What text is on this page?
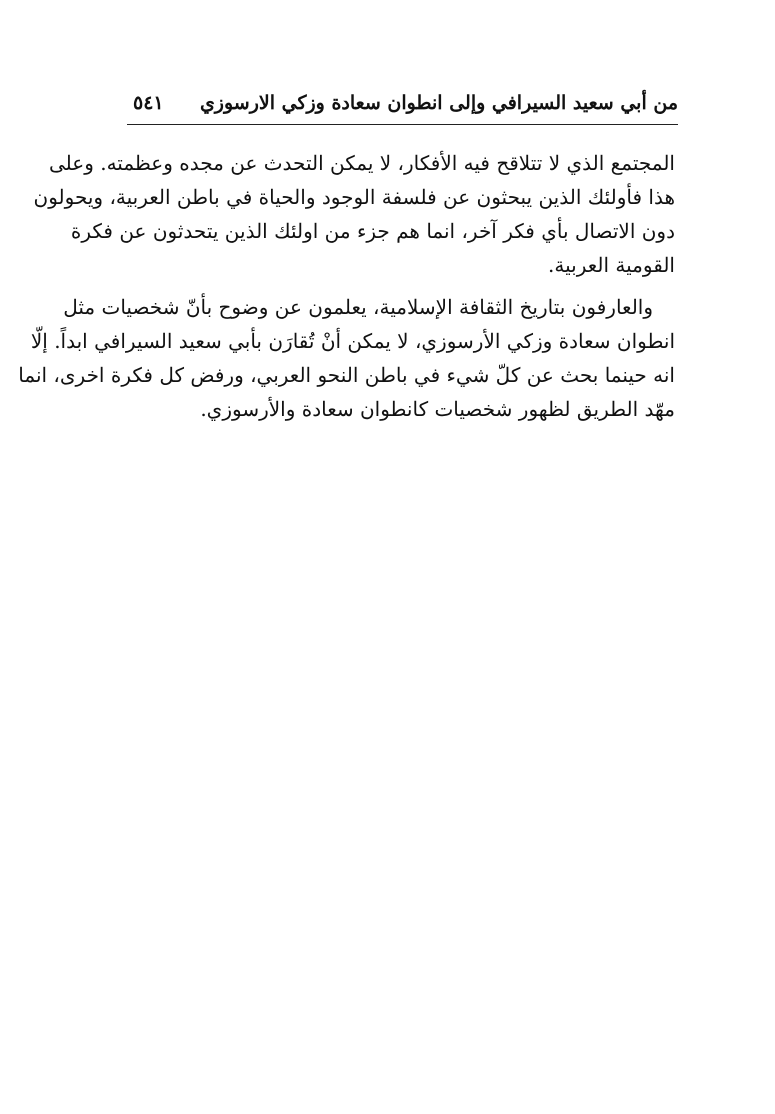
من أبي سعيد السيرافي وإلى انطوان سعادة وزكي الارسوزي
٥٤١

المجتمع الذي لا تتلاقح فيه الأفكار، لا يمكن التحدث عن مجده وعظمته. وعلى
هذا فأولئك الذين يبحثون عن فلسفة الوجود والحياة في باطن العربية، ويحولون
دون الاتصال بأي فكر آخر، انما هم جزء من اولئك الذين يتحدثون عن فكرة
القومية العربية.

والعارفون بتاريخ الثقافة الإسلامية، يعلمون عن وضوح بأنّ شخصيات مثل
انطوان سعادة وزكي الأرسوزي، لا يمكن أنْ تُقارَن بأبي سعيد السيرافي ابداً. إلّا
انه حينما بحث عن كلّ شيء في باطن النحو العربي، ورفض كل فكرة اخرى، انما
مهّد الطريق لظهور شخصيات كانطوان سعادة والأرسوزي.
